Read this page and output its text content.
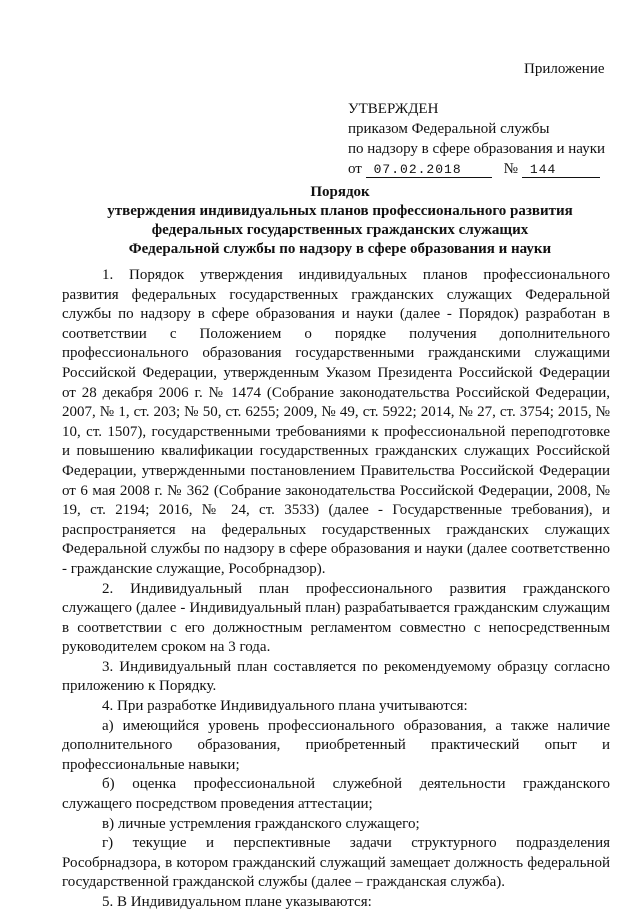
Приложение
УТВЕРЖДЕН
приказом Федеральной службы
по надзору в сфере образования и науки
от 07.02.2018	№ 144
Порядок
утверждения индивидуальных планов профессионального развития
федеральных государственных гражданских служащих
Федеральной службы по надзору в сфере образования и науки

1. Порядок утверждения индивидуальных планов профессионального развития федеральных государственных гражданских служащих Федеральной службы по надзору в сфере образования и науки (далее - Порядок) разработан в соответствии с Положением о порядке получения дополнительного профессионального образования государственными гражданскими служащими Российской Федерации, утвержденным Указом Президента Российской Федерации от 28 декабря 2006 г. № 1474 (Собрание законодательства Российской Федерации, 2007, № 1, ст. 203; № 50, ст. 6255; 2009, № 49, ст. 5922; 2014, № 27, ст. 3754; 2015, № 10, ст. 1507), государственными требованиями к профессиональной переподготовке и повышению квалификации государственных гражданских служащих Российской Федерации, утвержденными постановлением Правительства Российской Федерации от 6 мая 2008 г. № 362 (Собрание законодательства Российской Федерации, 2008, № 19, ст. 2194; 2016, № 24, ст. 3533) (далее - Государственные требования), и распространяется на федеральных государственных гражданских служащих Федеральной службы по надзору в сфере образования и науки (далее соответственно - гражданские служащие, Рособрнадзор).

2. Индивидуальный план профессионального развития гражданского служащего (далее - Индивидуальный план) разрабатывается гражданским служащим в соответствии с его должностным регламентом совместно с непосредственным руководителем сроком на 3 года.

3. Индивидуальный план составляется по рекомендуемому образцу согласно приложению к Порядку.

4. При разработке Индивидуального плана учитываются:

а) имеющийся уровень профессионального образования, а также наличие дополнительного образования, приобретенный практический опыт и профессиональные навыки;

б) оценка профессиональной служебной деятельности гражданского служащего посредством проведения аттестации;

в) личные устремления гражданского служащего;

г) текущие и перспективные задачи структурного подразделения Рособрнадзора, в котором гражданский служащий замещает должность федеральной государственной гражданской службы (далее – гражданская служба).

5. В Индивидуальном плане указываются:
